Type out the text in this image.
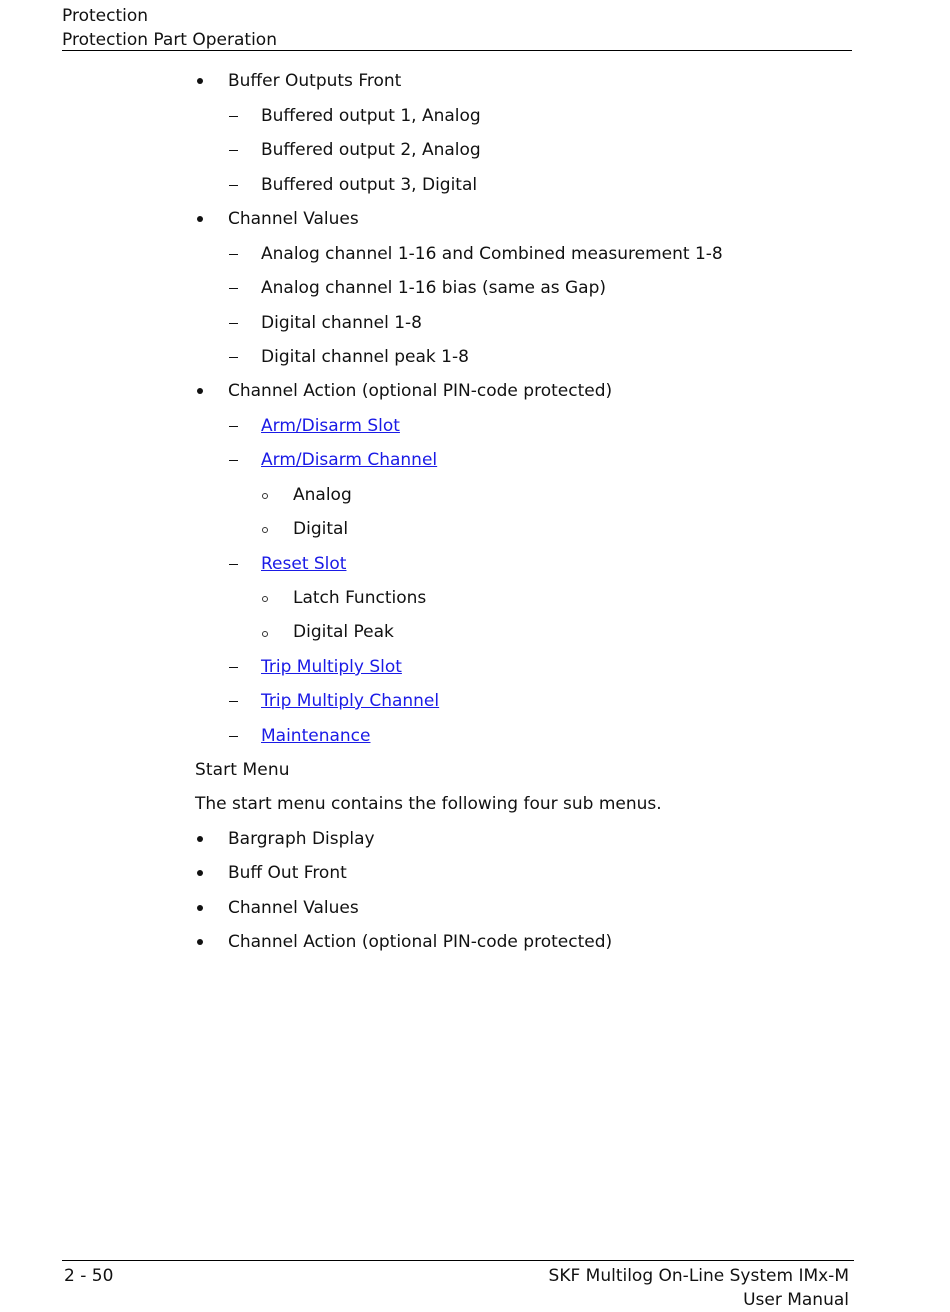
Protection
Protection Part Operation
Buffer Outputs Front
Buffered output 1, Analog
Buffered output 2, Analog
Buffered output 3, Digital
Channel Values
Analog channel 1-16 and Combined measurement 1-8
Analog channel 1-16 bias (same as Gap)
Digital channel 1-8
Digital channel peak 1-8
Channel Action (optional PIN-code protected)
Arm/Disarm Slot
Arm/Disarm Channel
Analog
Digital
Reset Slot
Latch Functions
Digital Peak
Trip Multiply Slot
Trip Multiply Channel
Maintenance
Start Menu
The start menu contains the following four sub menus.
Bargraph Display
Buff Out Front
Channel Values
Channel Action (optional PIN-code protected)
2 - 50	SKF Multilog On-Line System IMx-M
User Manual
